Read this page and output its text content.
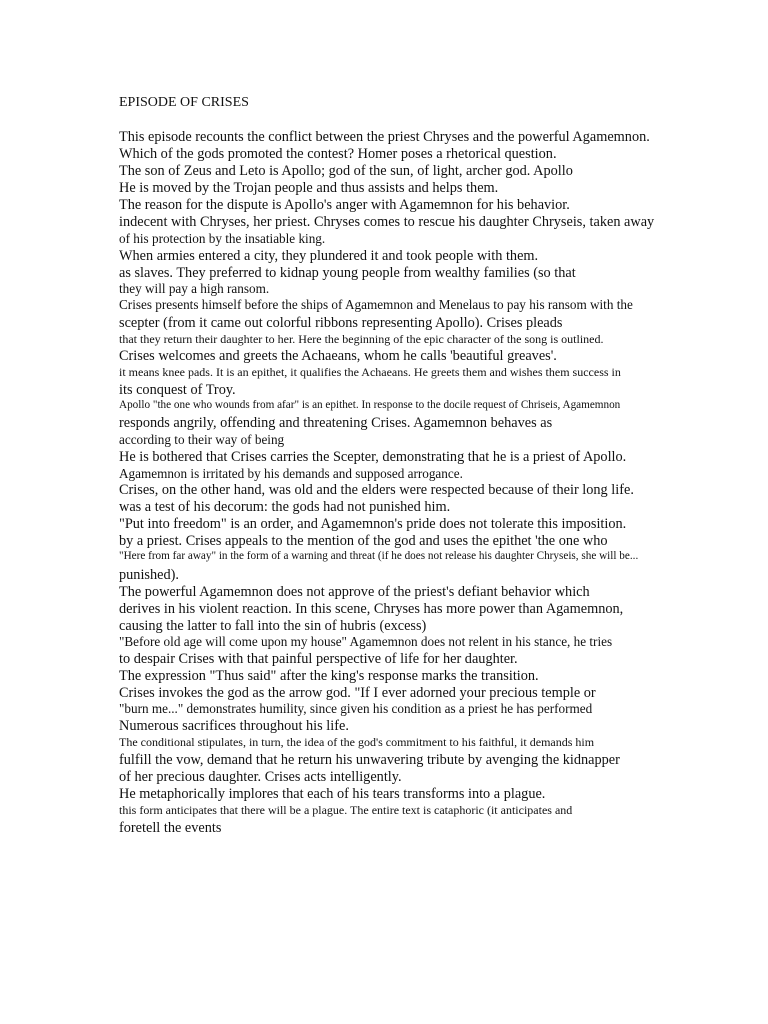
EPISODE OF CRISES
This episode recounts the conflict between the priest Chryses and the powerful Agamemnon.
Which of the gods promoted the contest? Homer poses a rhetorical question.
The son of Zeus and Leto is Apollo; god of the sun, of light, archer god. Apollo
He is moved by the Trojan people and thus assists and helps them.
The reason for the dispute is Apollo's anger with Agamemnon for his behavior.
indecent with Chryses, her priest. Chryses comes to rescue his daughter Chryseis, taken away
of his protection by the insatiable king.
When armies entered a city, they plundered it and took people with them.
as slaves. They preferred to kidnap young people from wealthy families (so that
they will pay a high ransom.
Crises presents himself before the ships of Agamemnon and Menelaus to pay his ransom with the
scepter (from it came out colorful ribbons representing Apollo). Crises pleads
that they return their daughter to her. Here the beginning of the epic character of the song is outlined.
Crises welcomes and greets the Achaeans, whom he calls 'beautiful greaves'.
it means knee pads. It is an epithet, it qualifies the Achaeans. He greets them and wishes them success in
its conquest of Troy.
Apollo "the one who wounds from afar" is an epithet. In response to the docile request of Chriseis, Agamemnon
responds angrily, offending and threatening Crises. Agamemnon behaves as
according to their way of being
He is bothered that Crises carries the Scepter, demonstrating that he is a priest of Apollo.
Agamemnon is irritated by his demands and supposed arrogance.
Crises, on the other hand, was old and the elders were respected because of their long life.
was a test of his decorum: the gods had not punished him.
"Put into freedom" is an order, and Agamemnon's pride does not tolerate this imposition.
by a priest. Crises appeals to the mention of the god and uses the epithet 'the one who
"Here from far away" in the form of a warning and threat (if he does not release his daughter Chryseis, she will be...
punished).
The powerful Agamemnon does not approve of the priest's defiant behavior which
derives in his violent reaction. In this scene, Chryses has more power than Agamemnon,
causing the latter to fall into the sin of hubris (excess)
"Before old age will come upon my house" Agamemnon does not relent in his stance, he tries
to despair Crises with that painful perspective of life for her daughter.
The expression "Thus said" after the king's response marks the transition.
Crises invokes the god as the arrow god. "If I ever adorned your precious temple or
"burn me..." demonstrates humility, since given his condition as a priest he has performed
Numerous sacrifices throughout his life.
The conditional stipulates, in turn, the idea of the god's commitment to his faithful, it demands him
fulfill the vow, demand that he return his unwavering tribute by avenging the kidnapper
of her precious daughter. Crises acts intelligently.
He metaphorically implores that each of his tears transforms into a plague.
this form anticipates that there will be a plague. The entire text is cataphoric (it anticipates and
foretell the events
